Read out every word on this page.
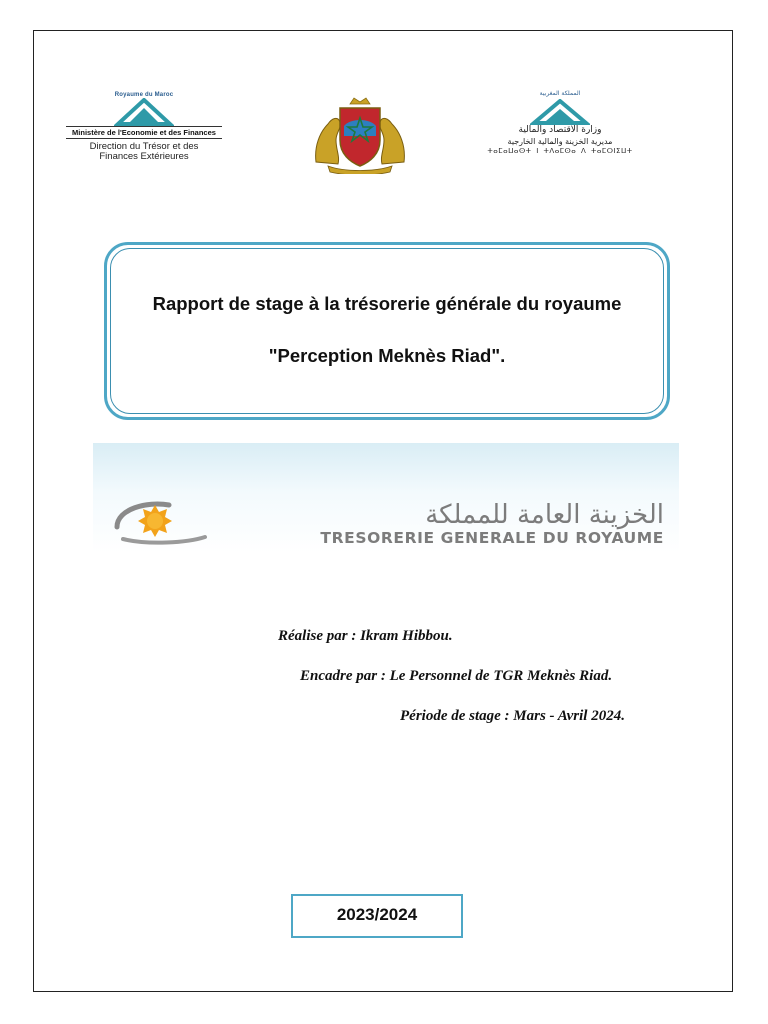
Royaume du Maroc
Ministère de l'Economie et des Finances
Direction du Trésor et des
Finances Extérieures
المملكة المغربية
وزارة الاقتصاد والمالية
مديرية الخزينة والمالية الخارجية
ⵜⴰⵎⴰⵡⴰⵙⵜ ⵏ ⵜⴷⴰⵎⵙⴰ ⴷ ⵜⴰⵎⵔⵏⵉⵡⵜ
Rapport de stage à la trésorerie générale du royaume
"Perception Meknès Riad".
الخزينة العامة للمملكة
TRESORERIE GENERALE DU ROYAUME
Réalise par : Ikram Hibbou.
Encadre par : Le Personnel de TGR Meknès Riad.
Période de stage : Mars - Avril 2024.
2023/2024
